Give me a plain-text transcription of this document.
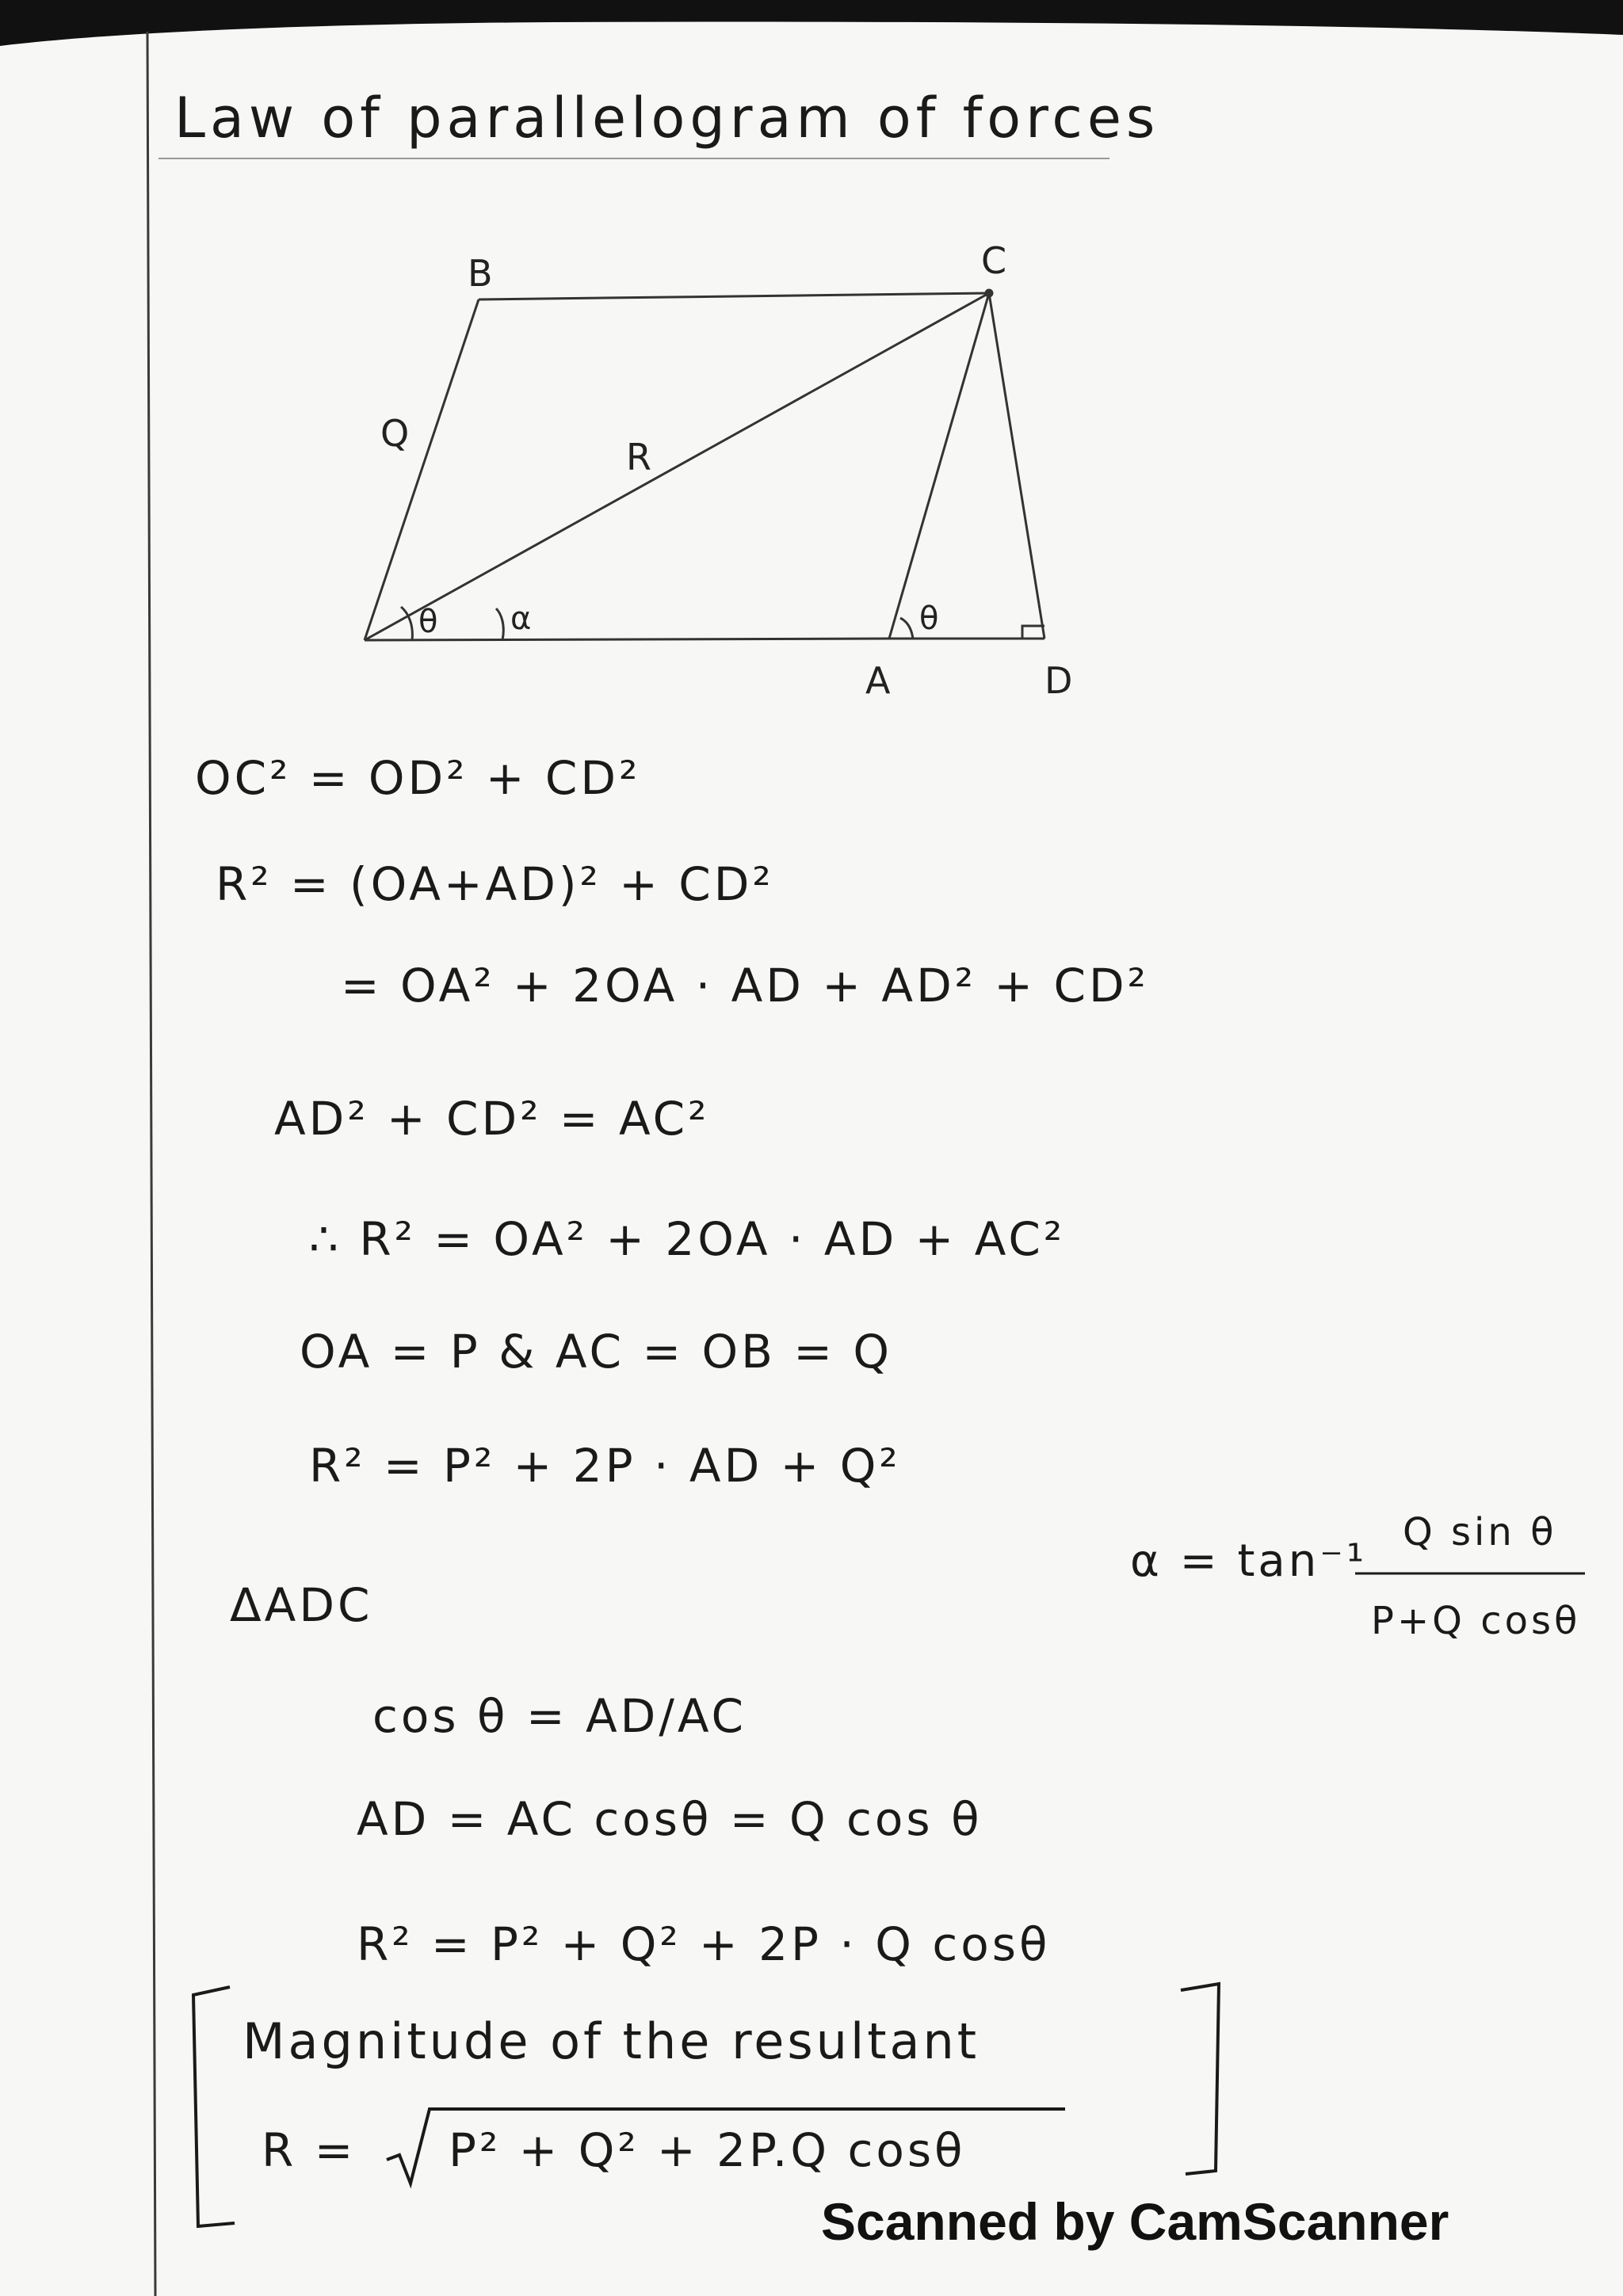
Law of parallelogram of forces
B	C
A	D
Q
R
θ α	θ
OC² = OD² + CD²
R² = (OA+AD)² + CD²
= OA² + 2OA · AD + AD² + CD²
AD² + CD² = AC²
∴ R² = OA² + 2OA · AD + AC²
OA = P & AC = OB = Q
R² = P² + 2P · AD + Q²
ΔADC
cos θ = AD/AC
AD = AC cosθ = Q cos θ
R² = P² + Q² + 2P · Q cosθ
α = tan⁻¹
Q sin θ
P+Q cosθ
Magnitude of the resultant
R = P² + Q² + 2P.Q cosθ
Scanned by CamScanner
